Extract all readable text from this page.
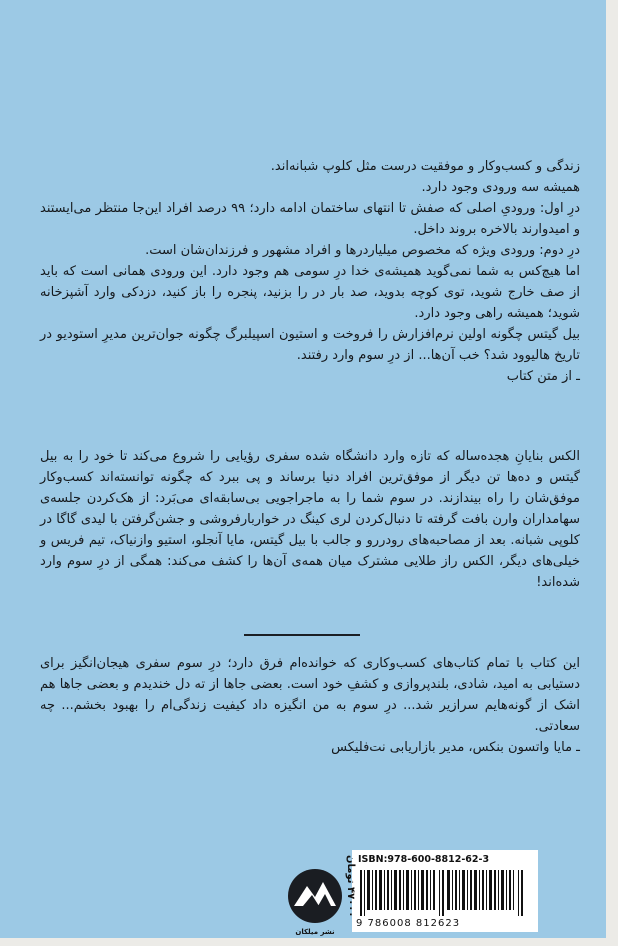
زندگی و کسب‌وکار و موفقیت درست مثل کلوپ شبانه‌اند.

همیشه سه ورودی وجود دارد.

درِ اول: ورودیِ اصلی که صفش تا انتهای ساختمان ادامه دارد؛ ۹۹ درصد افراد این‌جا منتظر می‌ایستند و امیدوارند بالاخره بروند داخل.

درِ دوم: ورودی ویژه که مخصوص میلیاردرها و افراد مشهور و فرزندان‌شان است.

اما هیچ‌کس به شما نمی‌گوید همیشه‌ی خدا درِ سومی هم وجود دارد. این ورودی همانی است که باید از صف خارج شوید، توی کوچه بدوید، صد بار در را بزنید، پنجره را باز کنید، دزدکی وارد آشپزخانه شوید؛ همیشه راهی وجود دارد.

بیل گیتس چگونه اولین نرم‌افزارش را فروخت و استیون اسپیلبرگ چگونه جوان‌ترین مدیرِ استودیو در تاریخ هالیوود شد؟ خب آن‌ها... از درِ سوم وارد رفتند.

ـ از متن کتاب

الکس بنایانِ هجده‌ساله که تازه وارد دانشگاه شده سفری رؤیایی را شروع می‌کند تا خود را به بیل گیتس و ده‌ها تن دیگر از موفق‌ترین افراد دنیا برساند و پی ببرد که چگونه توانسته‌اند کسب‌وکار موفق‌شان را راه بیندازند. در سوم شما را به ماجراجویی بی‌سابقه‌ای می‌بَرد: از هک‌کردن جلسه‌ی سهامداران وارن بافت گرفته تا دنبال‌کردن لری کینگ در خواربارفروشی و جشن‌گرفتن با لیدی گاگا در کلوپی شبانه. بعد از مصاحبه‌های رودررو و جالب با بیل گیتس، مایا آنجلو، استیو وازنیاک، تیم فریس و خیلی‌های دیگر، الکس راز طلایی مشترک میان همه‌ی آن‌ها را کشف می‌کند: همگی از درِ سوم وارد شده‌اند!

این کتاب با تمام کتاب‌های کسب‌وکاری که خوانده‌ام فرق دارد؛ درِ سوم سفری هیجان‌انگیز برای دستیابی به امید، شادی، بلندپروازی و کشفِ خود است. بعضی جاها از ته دل خندیدم و بعضی جاها هم اشک از گونه‌هایم سرازیر شد... درِ سوم به من انگیزه داد کیفیت زندگی‌ام را بهبود بخشم... چه سعادتی.

ـ مایا واتسون بنکس، مدیر بازاریابی نت‌فلیکس

ISBN:978-600-8812-62-3
9 786008 812623
۴۷۰۰۰ تومان
نشر میلکان
